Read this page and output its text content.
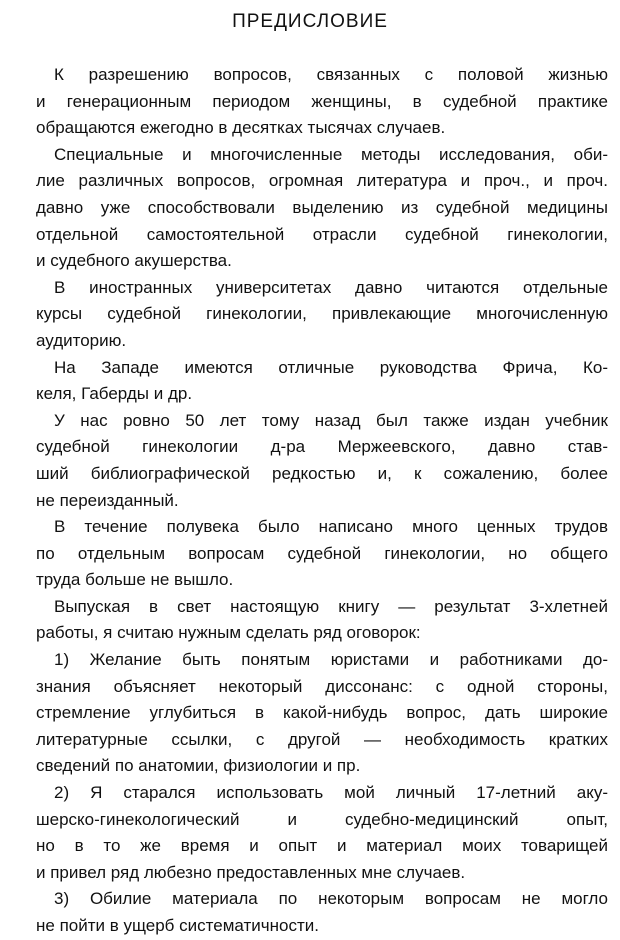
ПРЕДИСЛОВИЕ
К разрешению вопросов, связанных с половой жизнью
и генерационным периодом женщины, в судебной практике
обращаются ежегодно в десятках тысячах случаев.
Специальные и многочисленные методы исследования, оби-
лие различных вопросов, огромная литература и проч., и проч.
давно уже способствовали выделению из судебной медицины
отдельной самостоятельной отрасли судебной гинекологии,
и судебного акушерства.
В иностранных университетах давно читаются отдельные
курсы судебной гинекологии, привлекающие многочисленную
аудиторию.
На Западе имеются отличные руководства Фрича, Ко-
келя, Габерды и др.
У нас ровно 50 лет тому назад был также издан учебник
судебной гинекологии д-ра Мержеевского, давно став-
ший библиографической редкостью и, к сожалению, более
не переизданный.
В течение полувека было написано много ценных трудов
по отдельным вопросам судебной гинекологии, но общего
труда больше не вышло.
Выпуская в свет настоящую книгу — результат 3-хлетней
работы, я считаю нужным сделать ряд оговорок:
1) Желание быть понятым юристами и работниками до-
знания объясняет некоторый диссонанс: с одной стороны,
стремление углубиться в какой-нибудь вопрос, дать широкие
литературные ссылки, с другой — необходимость кратких
сведений по анатомии, физиологии и пр.
2) Я старался использовать мой личный 17-летний аку-
шерско-гинекологический и судебно-медицинский опыт,
но в то же время и опыт и материал моих товарищей
и привел ряд любезно предоставленных мне случаев.
3) Обилие материала по некоторым вопросам не могло
не пойти в ущерб систематичности.
